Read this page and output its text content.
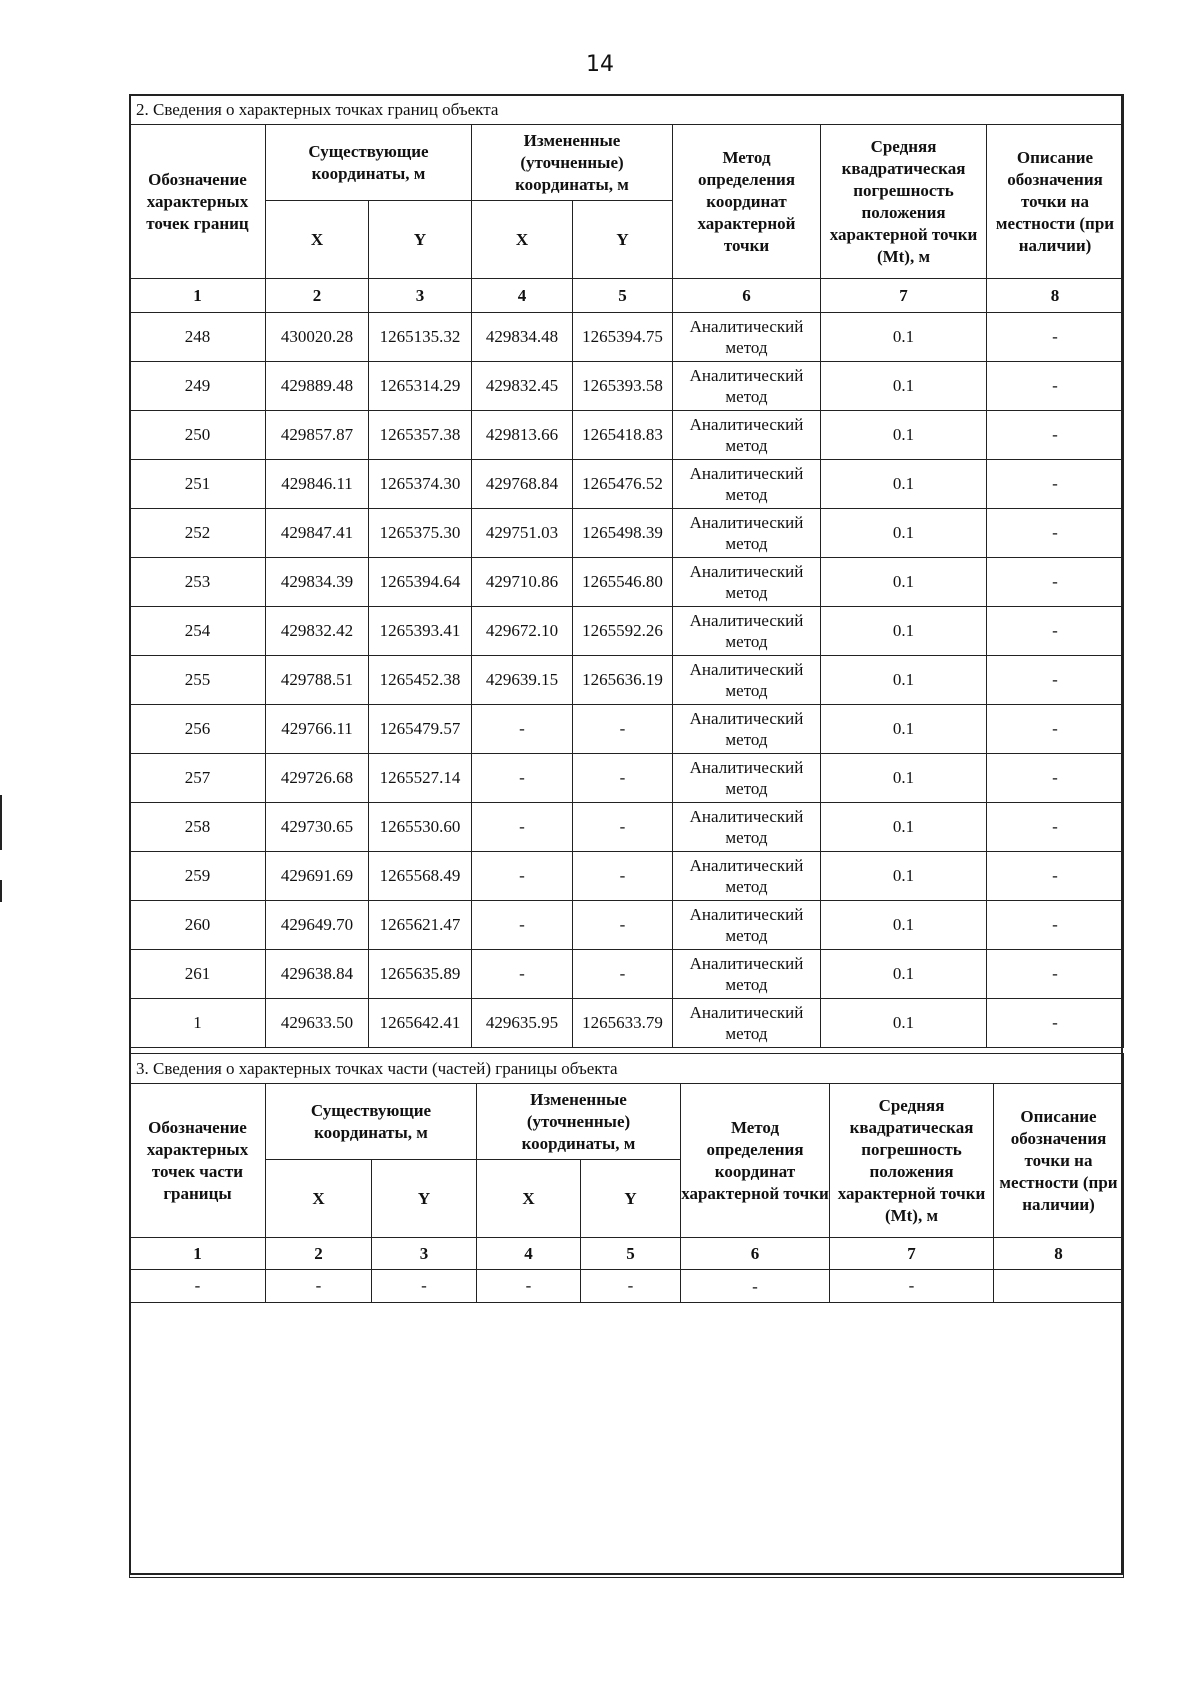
14
2. Сведения о характерных точках границ объекта							
Обозначение характерных точек границ	Существующие координаты, м		Измененные (уточненные) координаты, м		Метод определения координат характерной точки	Средняя квадратическая погрешность положения характерной точки (Mt), м	Описание обозначения точки на местности (при наличии)
	X	Y	X	Y			
1	2	3	4	5	6	7	8
248	430020.28	1265135.32	429834.48	1265394.75	Аналитический метод	0.1	-
249	429889.48	1265314.29	429832.45	1265393.58	Аналитический метод	0.1	-
250	429857.87	1265357.38	429813.66	1265418.83	Аналитический метод	0.1	-
251	429846.11	1265374.30	429768.84	1265476.52	Аналитический метод	0.1	-
252	429847.41	1265375.30	429751.03	1265498.39	Аналитический метод	0.1	-
253	429834.39	1265394.64	429710.86	1265546.80	Аналитический метод	0.1	-
254	429832.42	1265393.41	429672.10	1265592.26	Аналитический метод	0.1	-
255	429788.51	1265452.38	429639.15	1265636.19	Аналитический метод	0.1	-
256	429766.11	1265479.57	-	-	Аналитический метод	0.1	-
257	429726.68	1265527.14	-	-	Аналитический метод	0.1	-
258	429730.65	1265530.60	-	-	Аналитический метод	0.1	-
259	429691.69	1265568.49	-	-	Аналитический метод	0.1	-
260	429649.70	1265621.47	-	-	Аналитический метод	0.1	-
261	429638.84	1265635.89	-	-	Аналитический метод	0.1	-
1	429633.50	1265642.41	429635.95	1265633.79	Аналитический метод	0.1	-
3. Сведения о характерных точках части (частей) границы объекта							
Обозначение характерных точек части границы	Существующие координаты, м		Измененные (уточненные) координаты, м		Метод определения координат характерной точки	Средняя квадратическая погрешность положения характерной точки (Mt), м	Описание обозначения точки на местности (при наличии)
	X	Y	X	Y			
1	2	3	4	5	6	7	8
-	-	-	-	-	-	-	
